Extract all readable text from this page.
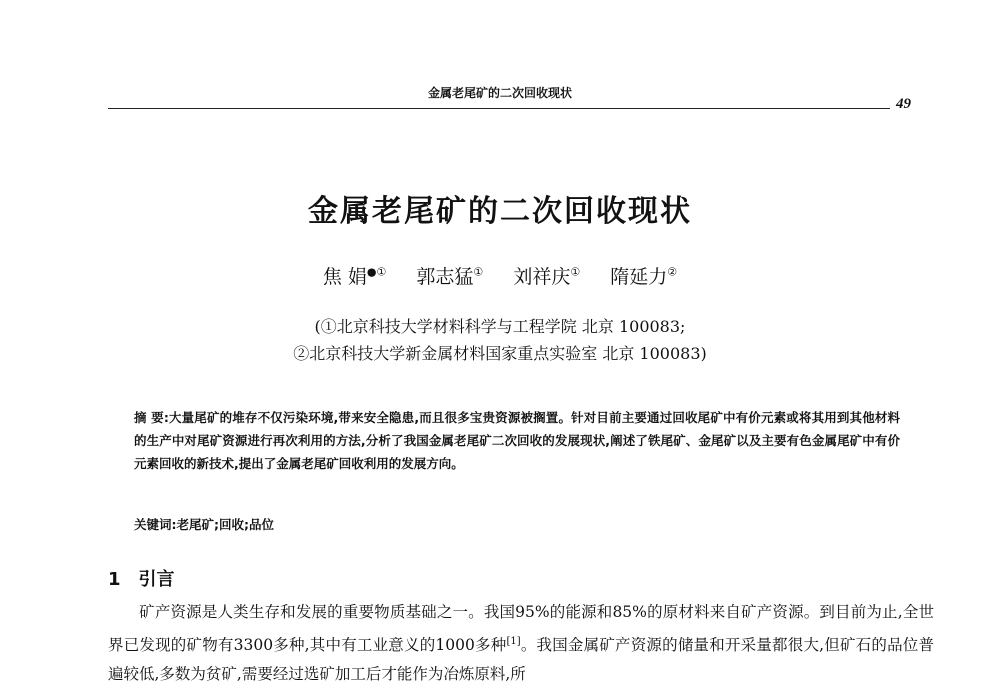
金属老尾矿的二次回收现状
49
金属老尾矿的二次回收现状
焦 娟●① 郭志猛① 刘祥庆① 隋延力②
(①北京科技大学材料科学与工程学院 北京 100083;
②北京科技大学新金属材料国家重点实验室 北京 100083)
摘 要:大量尾矿的堆存不仅污染环境,带来安全隐患,而且很多宝贵资源被搁置。针对目前主要通过回收尾矿中有价元素或将其用到其他材料的生产中对尾矿资源进行再次利用的方法,分析了我国金属老尾矿二次回收的发展现状,阐述了铁尾矿、金尾矿以及主要有色金属尾矿中有价元素回收的新技术,提出了金属老尾矿回收利用的发展方向。
关键词:老尾矿;回收;品位
1 引言
矿产资源是人类生存和发展的重要物质基础之一。我国95%的能源和85%的原材料来自矿产资源。到目前为止,全世界已发现的矿物有3300多种,其中有工业意义的1000多种[1]。我国金属矿产资源的储量和开采量都很大,但矿石的品位普遍较低,多数为贫矿,需要经过选矿加工后才能作为冶炼原料,所
